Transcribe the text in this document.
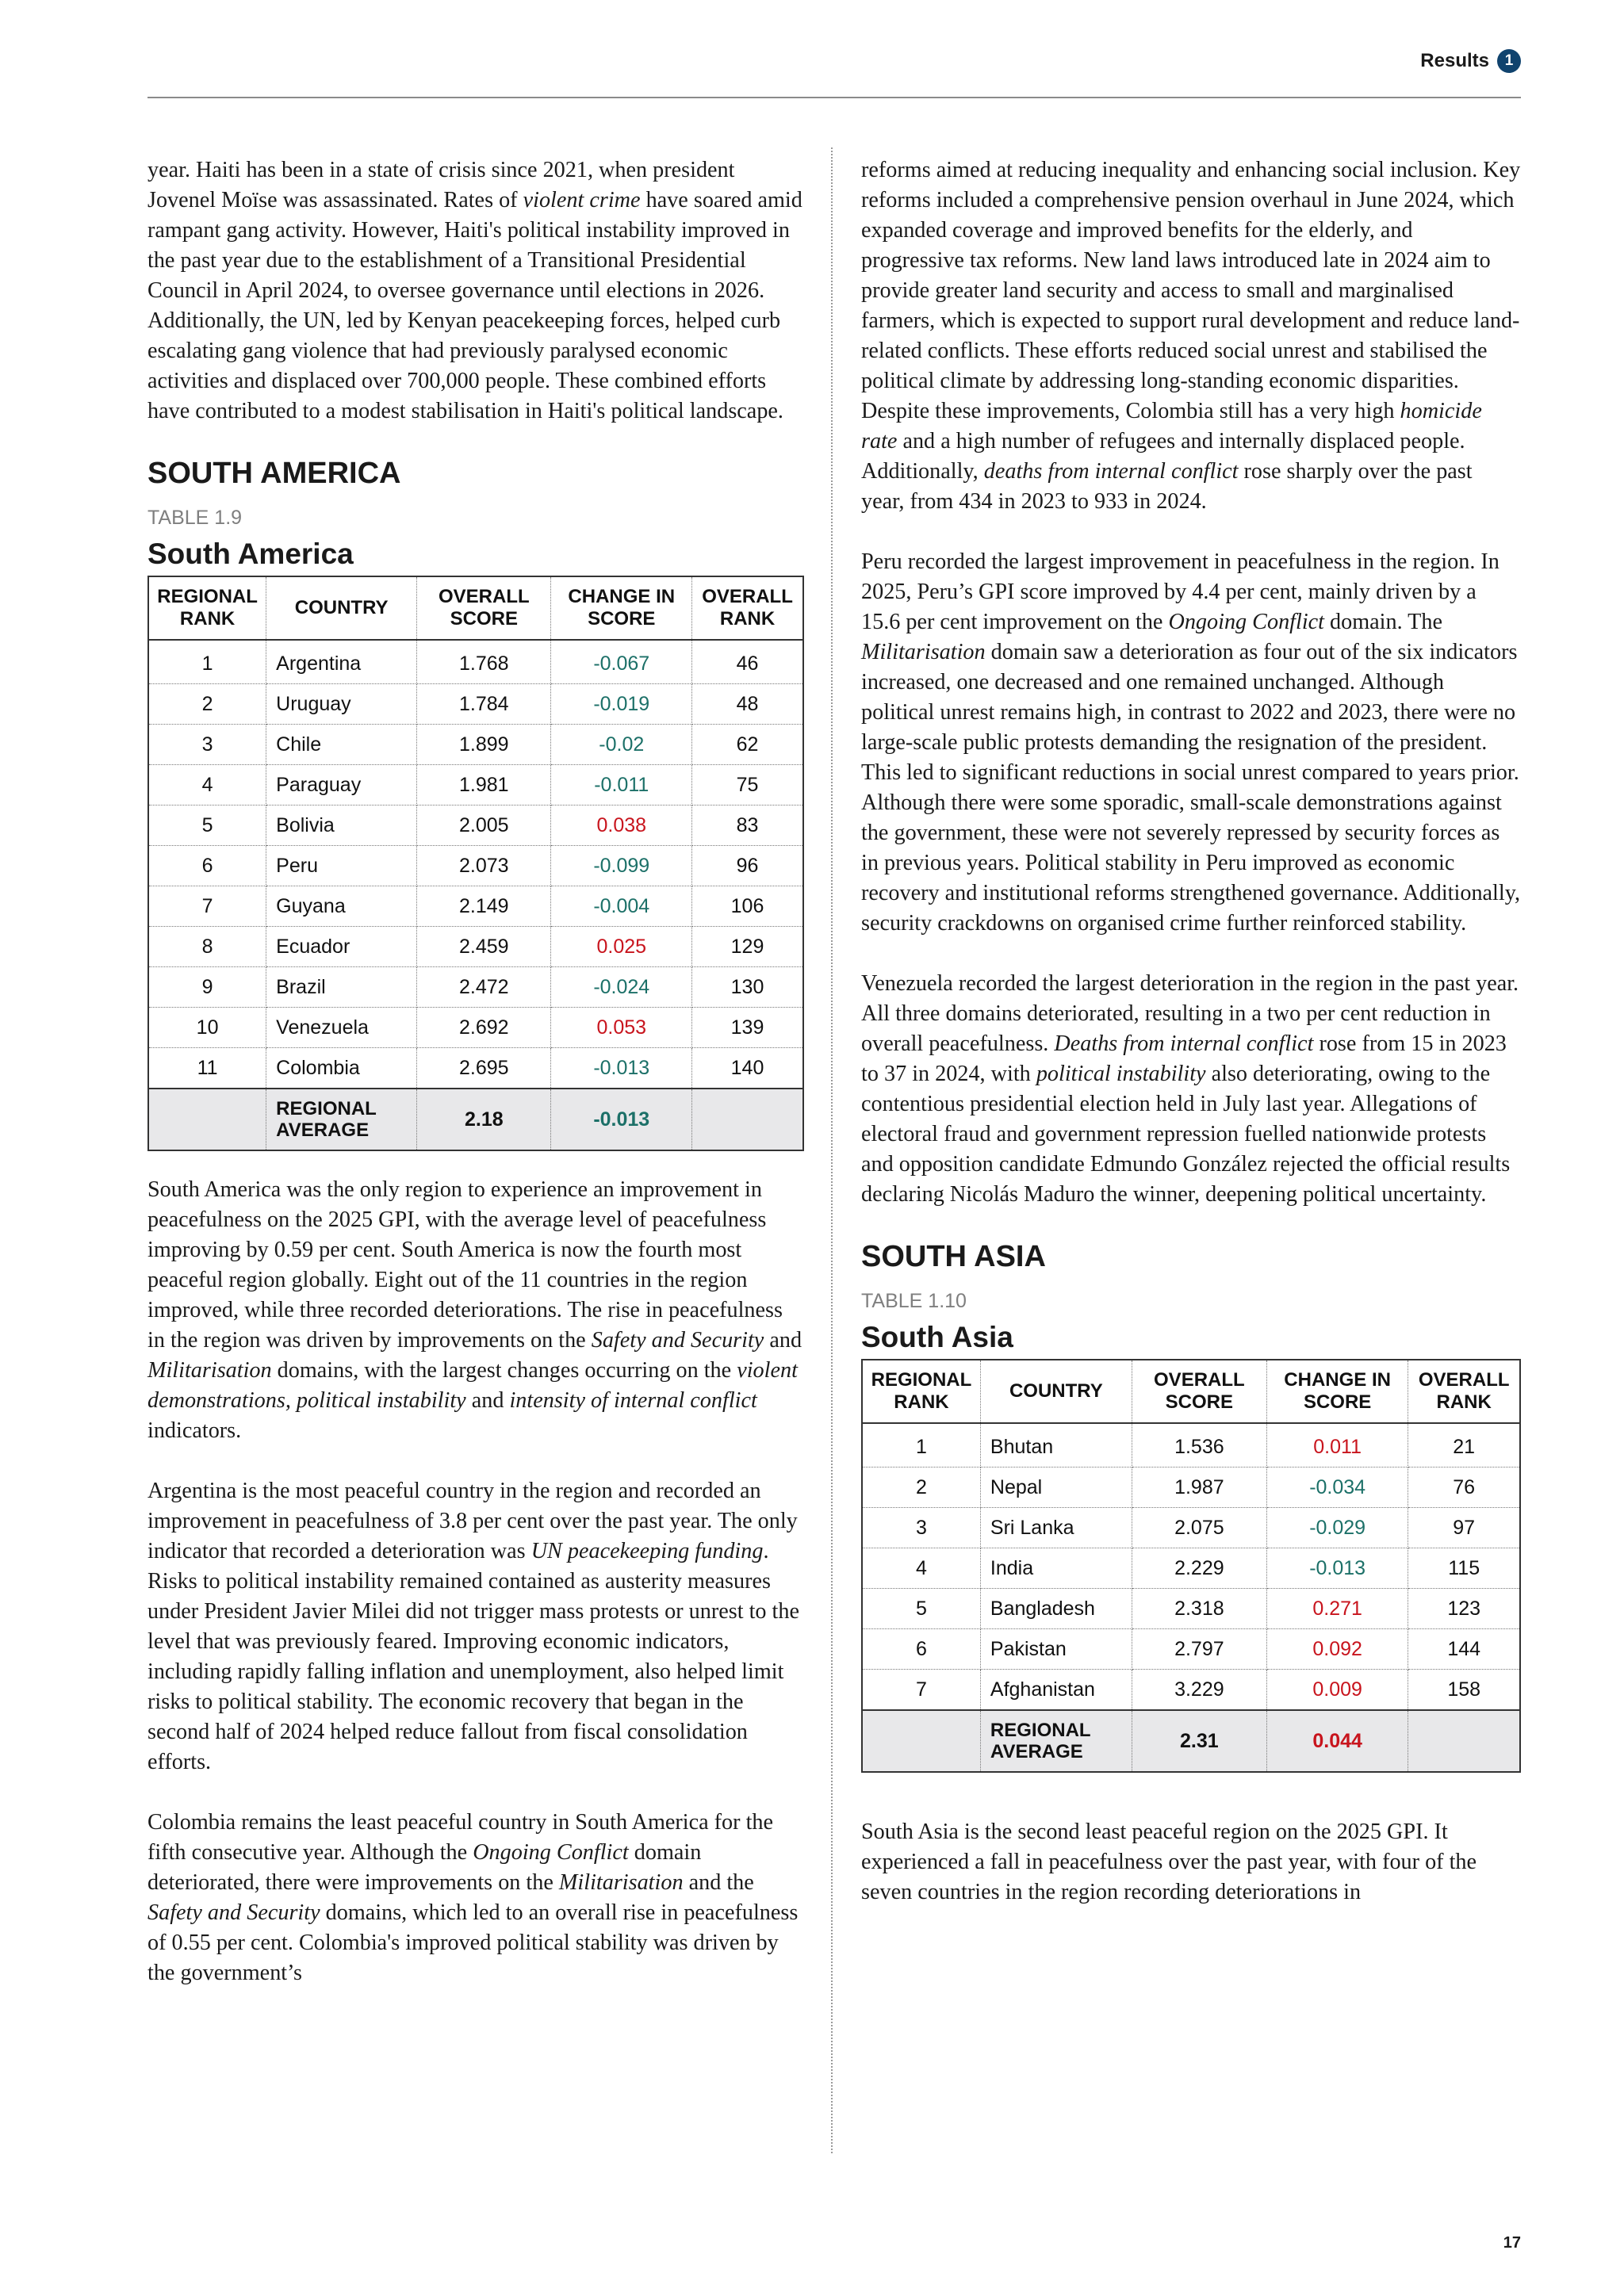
Results	1

year. Haiti has been in a state of crisis since 2021, when president Jovenel Moïse was assassinated. Rates of violent crime have soared amid rampant gang activity. However, Haiti's political instability improved in the past year due to the establishment of a Transitional Presidential Council in April 2024, to oversee governance until elections in 2026. Additionally, the UN, led by Kenyan peacekeeping forces, helped curb escalating gang violence that had previously paralysed economic activities and displaced over 700,000 people. These combined efforts have contributed to a modest stabilisation in Haiti's political landscape.

SOUTH AMERICA
TABLE 1.9
South America
REGIONAL RANK	COUNTRY	OVERALL SCORE	CHANGE IN SCORE	OVERALL RANK
1	Argentina	1.768	-0.067	46
2	Uruguay	1.784	-0.019	48
3	Chile	1.899	-0.02	62
4	Paraguay	1.981	-0.011	75
5	Bolivia	2.005	0.038	83
6	Peru	2.073	-0.099	96
7	Guyana	2.149	-0.004	106
8	Ecuador	2.459	0.025	129
9	Brazil	2.472	-0.024	130
10	Venezuela	2.692	0.053	139
11	Colombia	2.695	-0.013	140
	REGIONAL AVERAGE	2.18	-0.013	

South America was the only region to experience an improvement in peacefulness on the 2025 GPI, with the average level of peacefulness improving by 0.59 per cent. South America is now the fourth most peaceful region globally. Eight out of the 11 countries in the region improved, while three recorded deteriorations. The rise in peacefulness in the region was driven by improvements on the Safety and Security and Militarisation domains, with the largest changes occurring on the violent demonstrations, political instability and intensity of internal conflict indicators.

Argentina is the most peaceful country in the region and recorded an improvement in peacefulness of 3.8 per cent over the past year. The only indicator that recorded a deterioration was UN peacekeeping funding. Risks to political instability remained contained as austerity measures under President Javier Milei did not trigger mass protests or unrest to the level that was previously feared. Improving economic indicators, including rapidly falling inflation and unemployment, also helped limit risks to political stability. The economic recovery that began in the second half of 2024 helped reduce fallout from fiscal consolidation efforts.

Colombia remains the least peaceful country in South America for the fifth consecutive year. Although the Ongoing Conflict domain deteriorated, there were improvements on the Militarisation and the Safety and Security domains, which led to an overall rise in peacefulness of 0.55 per cent. Colombia's improved political stability was driven by the government’s

reforms aimed at reducing inequality and enhancing social inclusion. Key reforms included a comprehensive pension overhaul in June 2024, which expanded coverage and improved benefits for the elderly, and progressive tax reforms. New land laws introduced late in 2024 aim to provide greater land security and access to small and marginalised farmers, which is expected to support rural development and reduce land-related conflicts. These efforts reduced social unrest and stabilised the political climate by addressing long-standing economic disparities. Despite these improvements, Colombia still has a very high homicide rate and a high number of refugees and internally displaced people. Additionally, deaths from internal conflict rose sharply over the past year, from 434 in 2023 to 933 in 2024.

Peru recorded the largest improvement in peacefulness in the region. In 2025, Peru’s GPI score improved by 4.4 per cent, mainly driven by a 15.6 per cent improvement on the Ongoing Conflict domain. The Militarisation domain saw a deterioration as four out of the six indicators increased, one decreased and one remained unchanged. Although political unrest remains high, in contrast to 2022 and 2023, there were no large-scale public protests demanding the resignation of the president. This led to significant reductions in social unrest compared to years prior. Although there were some sporadic, small-scale demonstrations against the government, these were not severely repressed by security forces as in previous years. Political stability in Peru improved as economic recovery and institutional reforms strengthened governance. Additionally, security crackdowns on organised crime further reinforced stability.

Venezuela recorded the largest deterioration in the region in the past year. All three domains deteriorated, resulting in a two per cent reduction in overall peacefulness. Deaths from internal conflict rose from 15 in 2023 to 37 in 2024, with political instability also deteriorating, owing to the contentious presidential election held in July last year. Allegations of electoral fraud and government repression fuelled nationwide protests and opposition candidate Edmundo González rejected the official results declaring Nicolás Maduro the winner, deepening political uncertainty.

SOUTH ASIA
TABLE 1.10
South Asia
REGIONAL RANK	COUNTRY	OVERALL SCORE	CHANGE IN SCORE	OVERALL RANK
1	Bhutan	1.536	0.011	21
2	Nepal	1.987	-0.034	76
3	Sri Lanka	2.075	-0.029	97
4	India	2.229	-0.013	115
5	Bangladesh	2.318	0.271	123
6	Pakistan	2.797	0.092	144
7	Afghanistan	3.229	0.009	158
	REGIONAL AVERAGE	2.31	0.044	

South Asia is the second least peaceful region on the 2025 GPI. It experienced a fall in peacefulness over the past year, with four of the seven countries in the region recording deteriorations in

17
